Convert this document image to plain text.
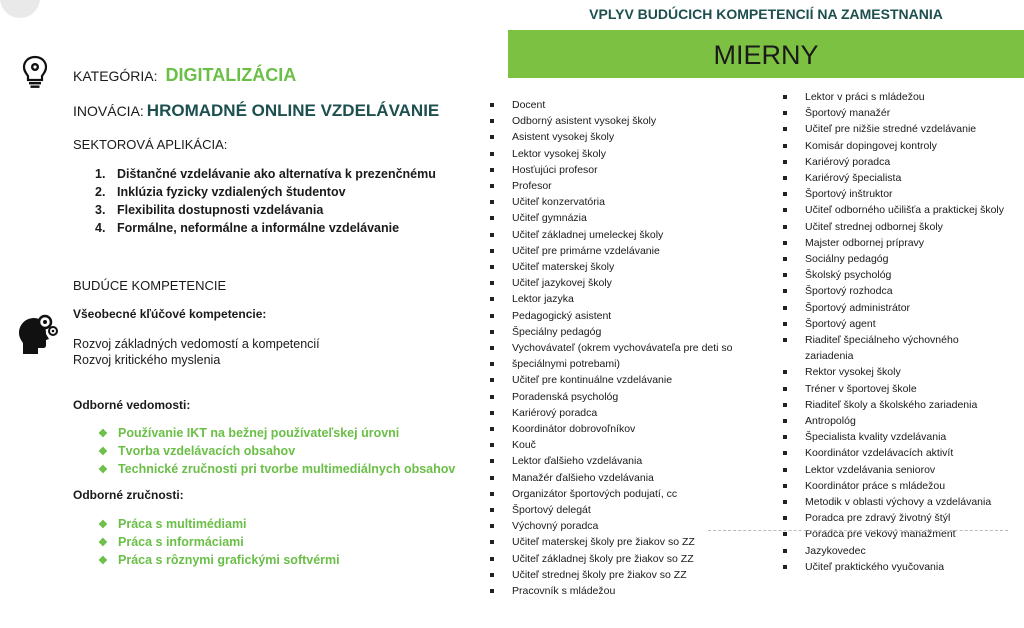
KATEGÓRIA: DIGITALIZÁCIA
INOVÁCIA: HROMADNÉ ONLINE VZDELÁVANIE
SEKTOROVÁ APLIKÁCIA:
1. Dištančné vzdelávanie ako alternatíva k prezenčnému
2. Inklúzia fyzicky vzdialených študentov
3. Flexibilita dostupnosti vzdelávania
4. Formálne, neformálne a informálne vzdelávanie
BUDÚCE KOMPETENCIE
Všeobecné kľúčové kompetencie:
Rozvoj základných vedomostí a kompetencií
Rozvoj kritického myslenia
Odborné vedomosti:
❖ Používanie IKT na bežnej používateľskej úrovni
❖ Tvorba vzdelávacích obsahov
❖ Technické zručnosti pri tvorbe multimediálnych obsahov
Odborné zručnosti:
❖ Práca s multimédiami
❖ Práca s informáciami
❖ Práca s rôznymi grafickými softvérmi
VPLYV BUDÚCICH KOMPETENCIÍ NA ZAMESTNANIA
MIERNY
Docent
Odborný asistent vysokej školy
Asistent vysokej školy
Lektor vysokej školy
Hosťujúci profesor
Profesor
Učiteľ konzervatória
Učiteľ gymnázia
Učiteľ základnej umeleckej školy
Učiteľ pre primárne vzdelávanie
Učiteľ materskej školy
Učiteľ jazykovej školy
Lektor jazyka
Pedagogický asistent
Špeciálny pedagóg
Vychovávateľ (okrem vychovávateľa pre deti so
špeciálnymi potrebami)
Učiteľ pre kontinuálne vzdelávanie
Poradenská psychológ
Kariérový poradca
Koordinátor dobrovoľníkov
Kouč
Lektor ďalšieho vzdelávania
Manažér ďalšieho vzdelávania
Organizátor športových podujatí, cc
Športový delegát
Výchovný poradca
Učiteľ materskej školy pre žiakov so ZZ
Učiteľ základnej školy pre žiakov so ZZ
Učiteľ strednej školy pre žiakov so ZZ
Pracovník s mládežou
Lektor v práci s mládežou
Športový manažér
Učiteľ pre nižšie stredné vzdelávanie
Komisár dopingovej kontroly
Kariérový poradca
Kariérový špecialista
Športový inštruktor
Učiteľ odborného učilišťa a praktickej školy
Učiteľ strednej odbornej školy
Majster odbornej prípravy
Sociálny pedagóg
Školský psychológ
Športový rozhodca
Športový administrátor
Športový agent
Riaditeľ špeciálneho výchovného zariadenia
Rektor vysokej školy
Tréner v športovej škole
Riaditeľ školy a školského zariadenia
Antropológ
Špecialista kvality vzdelávania
Koordinátor vzdelávacích aktivít
Lektor vzdelávania seniorov
Koordinátor práce s mládežou
Metodik v oblasti výchovy a vzdelávania
Poradca pre zdravý životný štýl
Poradca pre vekový manažment
Jazykovedec
Učiteľ praktického vyučovania
